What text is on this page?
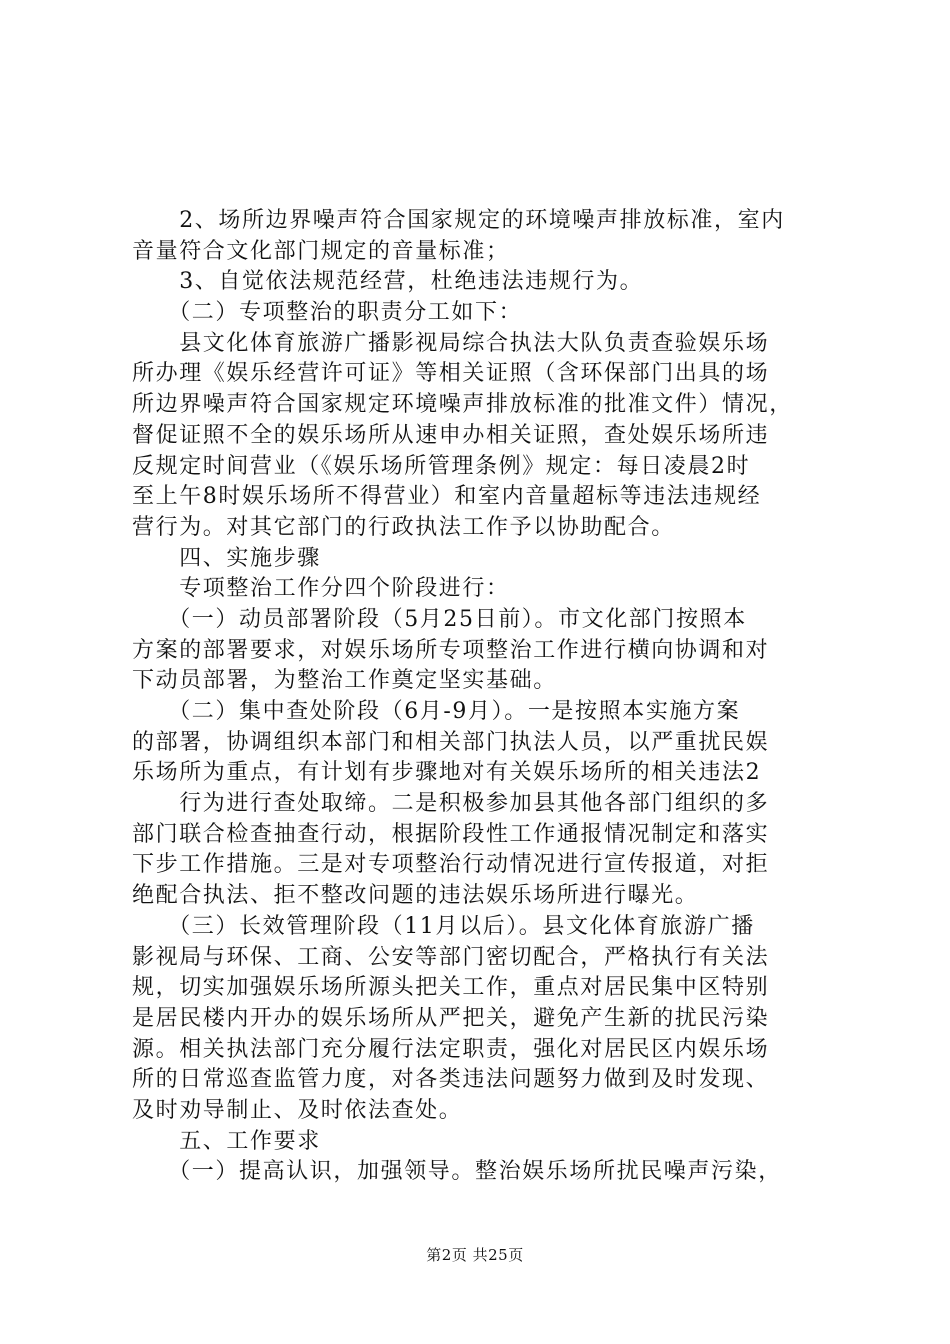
　　2、场所边界噪声符合国家规定的环境噪声排放标准，室内
音量符合文化部门规定的音量标准；
　　3、自觉依法规范经营，杜绝违法违规行为。
　　（二）专项整治的职责分工如下：
　　县文化体育旅游广播影视局综合执法大队负责查验娱乐场
所办理《娱乐经营许可证》等相关证照（含环保部门出具的场
所边界噪声符合国家规定环境噪声排放标准的批准文件）情况，
督促证照不全的娱乐场所从速申办相关证照，查处娱乐场所违
反规定时间营业（《娱乐场所管理条例》规定：每日凌晨2时
至上午8时娱乐场所不得营业）和室内音量超标等违法违规经
营行为。对其它部门的行政执法工作予以协助配合。
　　四、实施步骤
　　专项整治工作分四个阶段进行：
　　（一）动员部署阶段（5月25日前）。市文化部门按照本
方案的部署要求，对娱乐场所专项整治工作进行横向协调和对
下动员部署，为整治工作奠定坚实基础。
　　（二）集中查处阶段（6月-9月）。一是按照本实施方案
的部署，协调组织本部门和相关部门执法人员，以严重扰民娱
乐场所为重点，有计划有步骤地对有关娱乐场所的相关违法2
　　行为进行查处取缔。二是积极参加县其他各部门组织的多
部门联合检查抽查行动，根据阶段性工作通报情况制定和落实
下步工作措施。三是对专项整治行动情况进行宣传报道，对拒
绝配合执法、拒不整改问题的违法娱乐场所进行曝光。
　　（三）长效管理阶段（11月以后）。县文化体育旅游广播
影视局与环保、工商、公安等部门密切配合，严格执行有关法
规，切实加强娱乐场所源头把关工作，重点对居民集中区特别
是居民楼内开办的娱乐场所从严把关，避免产生新的扰民污染
源。相关执法部门充分履行法定职责，强化对居民区内娱乐场
所的日常巡查监管力度，对各类违法问题努力做到及时发现、
及时劝导制止、及时依法查处。
　　五、工作要求
　　（一）提高认识，加强领导。整治娱乐场所扰民噪声污染，
第2页 共25页
